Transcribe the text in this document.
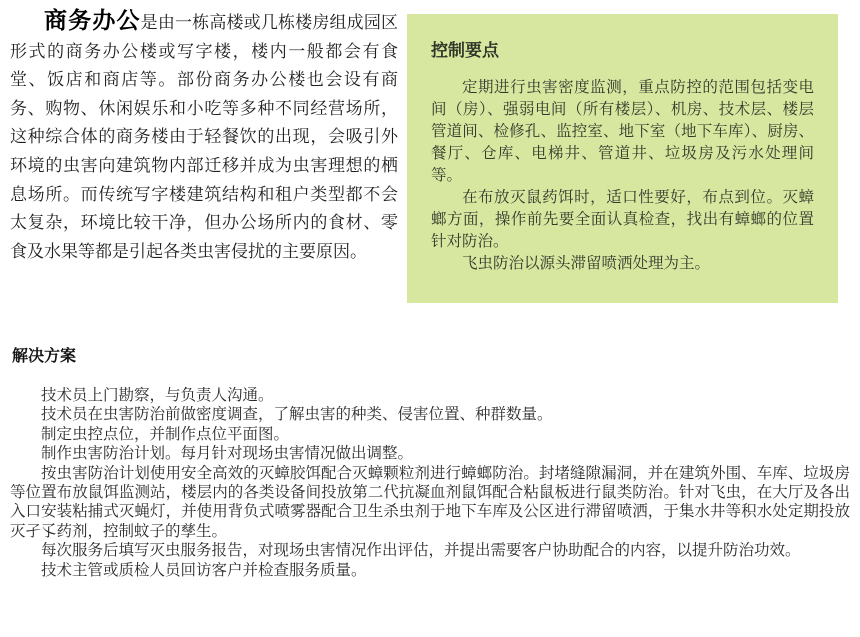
商务办公是由一栋高楼或几栋楼房组成园区形式的商务办公楼或写字楼，楼内一般都会有食堂、饭店和商店等。部份商务办公楼也会设有商务、购物、休闲娱乐和小吃等多种不同经营场所，这种综合体的商务楼由于轻餐饮的出现，会吸引外环境的虫害向建筑物内部迁移并成为虫害理想的栖息场所。而传统写字楼建筑结构和租户类型都不会太复杂，环境比较干净，但办公场所内的食材、零食及水果等都是引起各类虫害侵扰的主要原因。

控制要点

定期进行虫害密度监测，重点防控的范围包括变电间（房）、强弱电间（所有楼层）、机房、技术层、楼层管道间、检修孔、监控室、地下室（地下车库）、厨房、餐厅、仓库、电梯井、管道井、垃圾房及污水处理间等。

在布放灭鼠药饵时，适口性要好，布点到位。灭蟑螂方面，操作前先要全面认真检查，找出有蟑螂的位置针对防治。

飞虫防治以源头滞留喷洒处理为主。

解决方案

技术员上门勘察，与负责人沟通。

技术员在虫害防治前做密度调查，了解虫害的种类、侵害位置、种群数量。

制定虫控点位，并制作点位平面图。

制作虫害防治计划。每月针对现场虫害情况做出调整。

按虫害防治计划使用安全高效的灭蟑胶饵配合灭蟑颗粒剂进行蟑螂防治。封堵缝隙漏洞，并在建筑外围、车库、垃圾房等位置布放鼠饵监测站，楼层内的各类设备间投放第二代抗凝血剂鼠饵配合粘鼠板进行鼠类防治。针对飞虫，在大厅及各出入口安装粘捕式灭蝇灯，并使用背负式喷雾器配合卫生杀虫剂于地下车库及公区进行滞留喷洒，于集水井等积水处定期投放灭孑孓药剂，控制蚊子的孳生。

每次服务后填写灭虫服务报告，对现场虫害情况作出评估，并提出需要客户协助配合的内容，以提升防治功效。

技术主管或质检人员回访客户并检查服务质量。
